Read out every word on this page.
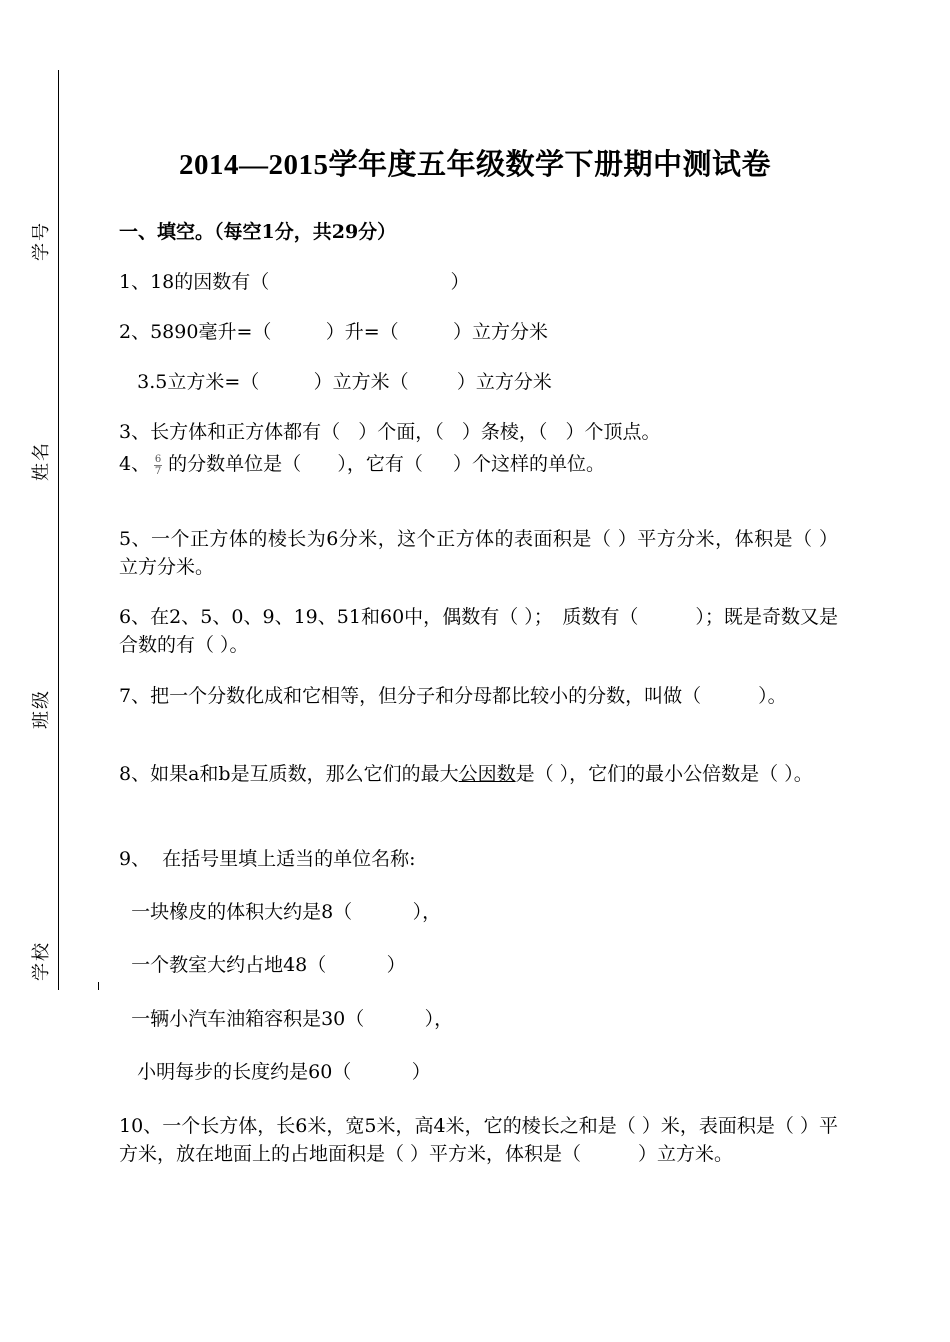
学号
姓名
班级
学校
2014—2015学年度五年级数学下册期中测试卷
一、填空。（每空1分，共29分）
1、18的因数有（                              ）
2、5890毫升=（         ）升=（         ）立方分米
3.5立方米=（         ）立方米（        ）立方分米
3、长方体和正方体都有（   ）个面，（   ）条棱，（   ）个顶点。
4、 $\frac{6}{7}$ 的分数单位是（      ），它有（     ）个这样的单位。
5、一个正方体的棱长为6分米，这个正方体的表面积是（ ）平方分米，体积是（ ）立方分米。
6、在2、5、0、9、19、51和60中，偶数有（ ）；　质数有（　　　）；既是奇数又是合数的有（ ）。
7、把一个分数化成和它相等，但分子和分母都比较小的分数，叫做（　　　）。
8、如果a和b是互质数，那么它们的最大公因数是（ ），它们的最小公倍数是（ ）。
9、  在括号里填上适当的单位名称:
一块橡皮的体积大约是8（          ），
一个教室大约占地48（          ）
一辆小汽车油箱容积是30（          ），
小明每步的长度约是60（          ）
10、一个长方体，长6米，宽5米，高4米，它的棱长之和是（ ）米，表面积是（ ）平方米，放在地面上的占地面积是（ ）平方米，体积是（　　　）立方米。
